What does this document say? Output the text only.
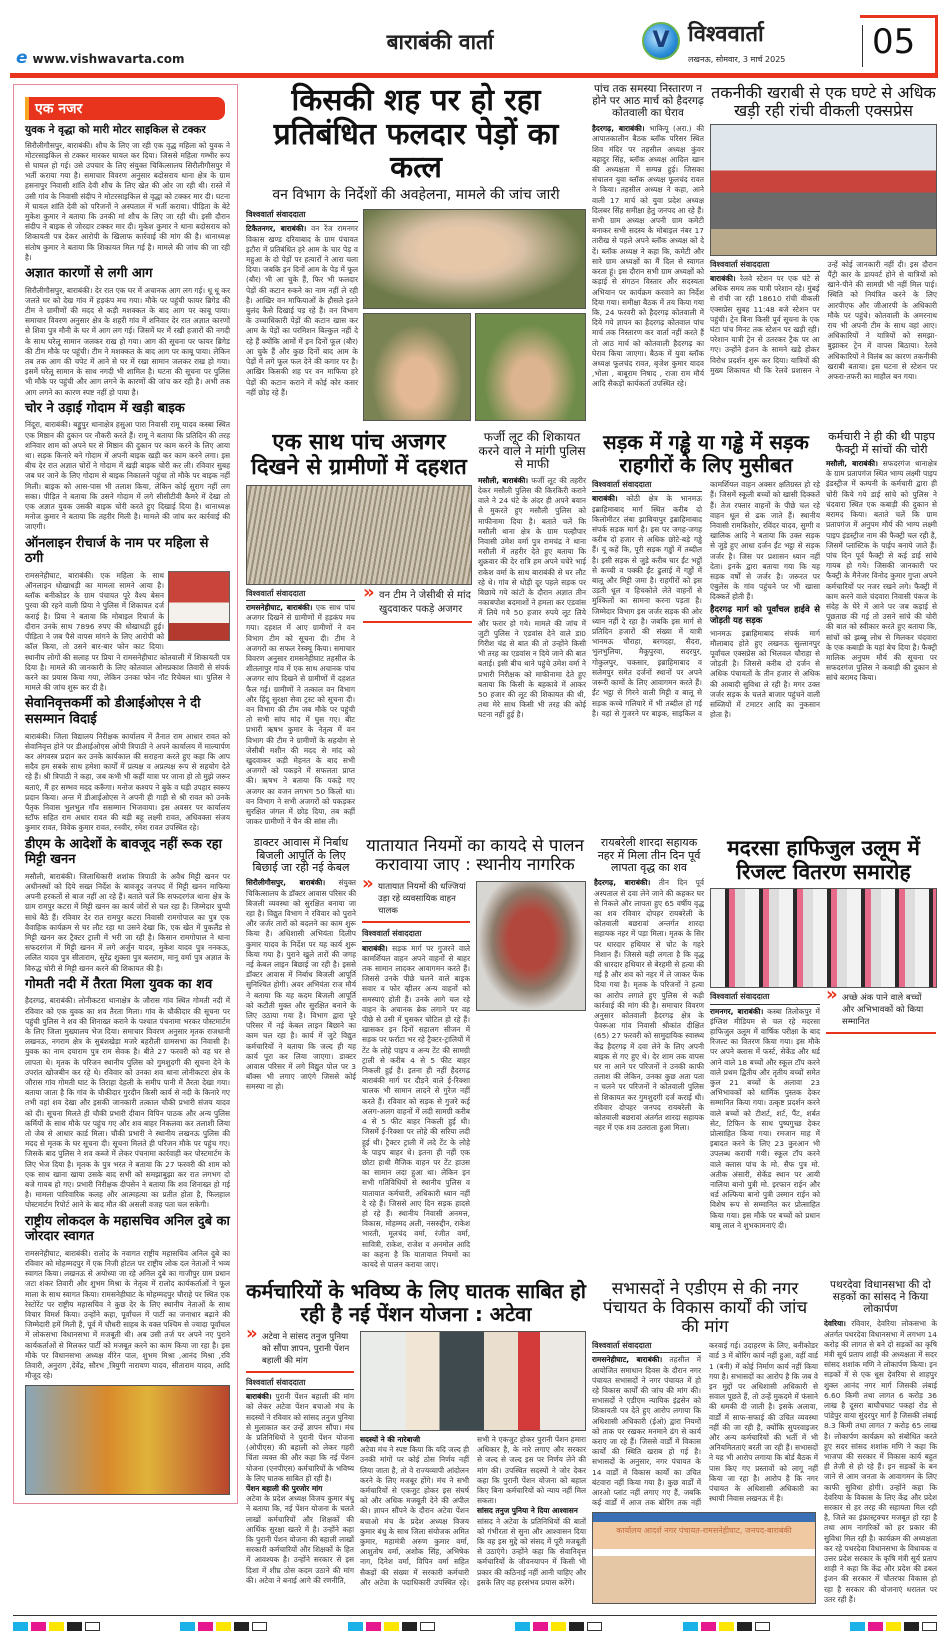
e www.vishwavarta.com
बाराबंकी वार्ता	V विश्ववार्ता
लखनऊ, सोमवार, 3 मार्च 2025	05
एक नजर
युवक ने वृद्धा को मारी मोटर साइकिल से टक्कर
सिरौलीगौसपुर, बाराबंकी। शौच के लिए जा रही एक वृद्ध महिला को युवक ने मोटरसाइकिल से टक्कर मारकर घायल कर दिया। जिससे महिला गम्भीर रूप से घायल हो गई। उसे उपचार के लिए संयुक्त चिकित्सालय सिरौलीगौसपुर में भर्ती कराया गया है। समाचार विवरण अनुसार बदोसराय थाना क्षेत्र के ग्राम हसनापुर निवासी शांति देवी शौच के लिए खेत की ओर जा रही थी। रास्ते में उसी गांव के निवासी संदीप ने मोटरसाइकिल से वृद्धा को टक्कर मार दी। घटना में घायल शांति देवी को परिजनों ने अस्पताल में भर्ती कराया। पीड़िता के बेटे मुकेश कुमार ने बताया कि उनकी मां शौच के लिए जा रही थी। इसी दौरान संदीप ने बाइक से जोरदार टक्कर मार दी। मुकेश कुमार ने थाना बदोसराय को शिकायती पत्र देकर आरोपी के खिलाफ कार्रवाई की मांग की है। थानाध्यक्ष संतोष कुमार ने बताया कि शिकायत मिल गई है। मामले की जांच की जा रही है।
अज्ञात कारणों से लगी आग
सिरौलीगौसपुर, बाराबंकी। देर रात एक घर में अचानक आग लग गई। धू धू कर जलते घर को देख गांव में हड़कंप मच गया। मौके पर पहुंची फायर ब्रिगेड की टीम ने ग्रामीणों की मदद से कड़ी मशक्कत के बाद आग पर काबू पाया। समाचार विवरण अनुसार क्षेत्र के शहरी गांव में शनिवार देर रात अज्ञात कारणों से शिवा पुत्र मौनी के घर में आग लग गई। जिसमें घर में रखी हजारों की नगदी के साथ घरेलू सामान जलकर राख हो गया। आग की सूचना पर फायर ब्रिगेड की टीम मौके पर पहुंची। टीम ने मशक्कत के बाद आग पर काबू पाया। लेकिन तब तक आग की चपेट में आने से घर में रखा सामान जलकर राख हो गया। इसमें घरेलू सामान के साथ नगदी भी शामिल है। घटना की सूचना पर पुलिस भी मौके पर पहुंची और आग लगने के कारणों की जांच कर रही है। अभी तक आग लगने का कारण स्पष्ट नहीं हो पाया है।
चोर ने उड़ाई गोदाम में खड़ी बाइक
निंदूरा, बाराबंकी। बड्डूपुर थानाक्षेत्र हसुआ पारा निवासी रामू यादव कस्बा स्थित एक मिष्ठान की दुकान पर नौकरी करते हैं। रामू ने बताया कि प्रतिदिन की तरह शनिवार शाम को अपने घर से मिष्ठान की दुकान पर काम करने के लिए आया था। सड़क किनारे बने गोदाम में अपनी बाइक खड़ी कर काम करने लगा। इस बीच देर रात अज्ञात चोरों ने गोदाम में खड़ी बाइक चोरी कर ली। रविवार सुबह जब घर जाने के लिए गोदाम से बाइक निकालने पहुंचा तो मौके पर बाइक नहीं मिली। बाइक को आस-पास भी तलाश किया, लेकिन कोई सुराग नहीं लग सका। पीड़ित ने बताया कि उसने गोदाम में लगे सीसीटीवी कैमरे में देखा तो एक अज्ञात युवक उसकी बाइक चोरी करते हुए दिखाई दिया है। थानाध्यक्ष मनोज कुमार ने बताया कि तहरीर मिली है। मामले की जांच कर कार्रवाई की जाएगी।
ऑनलाइन रीचार्ज के नाम पर महिला से ठगी
रामसनेहीघाट, बाराबंकी। एक महिला के साथ ऑनलाइन धोखाधड़ी का मामला सामने आया है। ब्लॉक बनीकोडर के ग्राम पंचायत पूरे वैश्य बेसन पुरवा की रहने वाली प्रिया ने पुलिस में शिकायत दर्ज कराई है। प्रिया ने बताया कि मोबाइल रिचार्ज के दौरान उनके साथ 7896 रुपए की धोखाधड़ी हुई। पीड़िता ने जब पैसे वापस मांगने के लिए आरोपी को कॉल किया, तो उसने बार-बार फोन काट दिया। स्थानीय लोगों की सलाह पर प्रिया ने रामसनेहीघाट कोतवाली में शिकायती पत्र दिया है। मामले की जानकारी के लिए कोतवाल ओमप्रकाश तिवारी से संपर्क करने का प्रयास किया गया, लेकिन उनका फोन नॉट रिचेबल था। पुलिस ने मामले की जांच शुरू कर दी है।
सेवानिवृत्तकर्मी को डीआईओएस ने दी ससम्मान विदाई
बाराबंकी। जिला विद्यालय निरीक्षक कार्यालय में तैनात राम आधार रावत को सेवानिवृत्त होने पर डीआईओएस ओपी त्रिपाठी ने अपने कार्यालय में माल्यार्पण कर अंगवस्त्र प्रदान कर उनके कार्यकाल की सराहना करते हुए कहा कि आप सदैव हम सबके साथ हमेशा कार्यों में प्रत्यक्ष व अप्रत्यक्ष रूप से सहयोग देते रहे हैं। श्री त्रिपाठी ने कहा, जब कभी भी कहीं यात्रा पर जाना हो तो मुझे जरूर बताएं, मैं हर सम्भव मदद करूँगा। मनोज कश्यप ने बुके व घड़ी उपहार स्वरूप प्रदान किया। अन्त में डीआईओएस ने अपनी ही गाड़ी से श्री रावत को उनके पैतृक निवास भुलभुल गाँव ससम्मान भिजवाया। इस अवसर पर कार्यालय स्टॉफ सहित राम अधार रावत की बड़ी बहू लक्ष्मी रावत, अधिवक्ता संजय कुमार रावत, विवेक कुमार रावत, रनवीर, रमेश रावत उपस्थित रहे।
डीएम के आदेशों के बावजूद नहीं रूक रहा मिट्टी खनन
मसौली, बाराबंकी। जिलाधिकारी शशांक त्रिपाठी के अवैध मिट्टी खनन पर अधीनस्थों को दिये सख्त निर्देश के बावजूद जनपद में मिट्टी खनन माफिया अपनी हरकतों से बाज नहीं आ रहे हैं। बताते चलें कि सफदरगंज थाना क्षेत्र के ग्राम रामपुर कटरा में मिट्टी खनन का कार्य जोरों से चल रहा है। जिम्मेदार चुप्पी साधे बैठे हैं। रविवार देर रात रामपुर कटरा निवासी रामगोपाल का पुत्र एक वैवाहिक कार्यक्रम से घर लौट रहा था उसने देखा कि, एक खेत में पुकलैंड से मिट्टी खनन कर ट्रैक्टर ट्राली में भरी जा रही है। किसान रामगोपाल ने थाना सफदरगंज में मिट्टी खनन में लगे अर्जुन यादव, मुकेश यादव पुत्र ननकऊ, ललित यादव पुत्र सीताराम, सुरेंद्र शुक्ला पुत्र बलराम, मानू वर्मा पुत्र अज्ञात के विरुद्ध चोरी से मिट्टी खनन करने की शिकायत की है।
गोमती नदी में तैरता मिला युवक का शव
हैदरगढ़, बाराबंकी। लोनीकटरा थानाक्षेत्र के जौरास गांव स्थित गोमती नदी में रविवार को एक युवक का शव तैरता मिला। गांव के चौकीदार की सूचना पर पहुंची पुलिस ने शव की शिनाख्त कराने के पश्चात पंचनामा भरकर पोस्टमार्टम के लिए जिला मुख्यालय भेज दिया। समाचार विवरण अनुसार मृतक राजधानी लखनऊ, नगराम क्षेत्र के सुबंशखेड़ा मजरे बहरौली ग्रामसभा का निवासी है। युवक का नाम दयाराम पुत्र राम सेवक है। बीते 27 फरवरी को वह घर से लापता थे। मृतक के परिजन स्थानीय पुलिस को गुमशुदगी की सूचना देने के उपरांत खोजबीन कर रहे थे। रविवार को उनका शव थाना लोनीकटरा क्षेत्र के जौरास गांव गोमती घाट के तिराहा देहली के समीप पानी में तैरता देखा गया। बताया जाता है कि गांव के चौकीदार गुरदीन किसी कार्य से नदी के किनारे गए तभी वहां शव देखा और इसकी जानकारी तत्काल चौकी प्रभारी संजय यादव को दी। सूचना मिलते ही चौकी प्रभारी दीवान विपिन पाठक और अन्य पुलिस कर्मियों के साथ मौके पर पहुंच गए और शव बाहर निकलवा कर तलाशी लिया तो जेब से आधार कार्ड मिला। चौकी प्रभारी ने स्थानीय लखनऊ पुलिस की मदद से मृतक के घर सूचना दी। सूचना मिलते ही परिजन मौके पर पहुंच गए। जिसके बाद पुलिस ने शव कब्जे में लेकर पंचनामा कार्रवाही कर पोस्टमार्टम के लिए भेज दिया है। मृतक के पुत्र भरत ने बताया कि 27 फरवरी की शाम को एक साथ खाना खाया उसके बाद सभी को समझाबुझा कर रात लगभग दो बजे गायब हो गए। प्रभारी निरीक्षक दीपसेन ने बताया कि शव शिनाख्त हो गई है। मामला पारिवारिक कलह और आत्महत्या का प्रतीत होता है, फिलहाल पोस्टमार्टम रिपोर्ट आने के बाद मौत की असली वजह पता चल सकेगी।
राष्ट्रीय लोकदल के महासचिव अनिल दुबे का जोरदार स्वागत
रामसनेहीघाट, बाराबंकी। रालोद के नवागत राष्ट्रीय महासचिव अनिल दुबे का रविवार को मोहम्मदपुर में एक निजी होटल पर राष्ट्रीय लोक दल नेताओं ने भव्य स्वागत किया। लखनऊ से अयोध्या जा रहे अनिल दुबे का गाजीपुर ग्राम प्रधान जटा शंकर तिवारी और शुभम मिश्रा के नेतृत्व में रालोद कार्यकर्ताओं ने फूल माला के साथ स्वागत किया। रामसनेहीघाट के मोहम्मदपुर चौराहे पर स्थित एक रेस्टोरेंट पर राष्ट्रीय महासचिव ने कुछ देर के लिए स्थानीय नेताओं के साथ विचार विमर्श किया। उन्होंने कहा, पूर्वांचल में पार्टी का जनाधार बढ़ाने की जिम्मेदारी हमें मिली है, पूर्व में चौधरी साहब के वक्त पश्चिम से ज्यादा पूर्वांचल में लोकसभा विधानसभा में मजबूती थी। अब उसी तर्ज पर अपने नए पुराने कार्यकर्ताओं से मिलकर पार्टी को मजबूत करने का काम किया जा रहा है। इस मौके पर विधानसभा अध्यक्ष वीरेन पाल, शुभम मिश्रा ,आनंद मिश्रा ,रवि तिवारी, अनुराग ,देवेंद्र, सौरभ ,त्रियुगी नारायण यादव, सीताराम यादव, आदि मौजूद रहे।
किसकी शह पर हो रहा
प्रतिबंधित फलदार पेड़ों का कत्ल
वन विभाग के निर्देशों की अवहेलना, मामले की जांच जारी
विश्ववार्ता संवाददाता
टिकैतनगर, बाराबंकी। वन रेंज रामनगर विकास खण्ड दरियाबाद के ग्राम पंचायत इटौरा में प्रतिबंधित हरे आम के चार पेड़ व महुआ के दो पेड़ों पर हत्यारों ने आरा चला दिया। जबकि इन दिनों आम के पेड़ में फूल (बौर) भी आ चुके हैं, फिर भी फलदार पेड़ों की कटान रुकने का नाम नहीं ले रही है। आखिर वन माफियाओं के हौसले इतने बुलंद कैसे दिखाई पड़ रहे हैं। वन विभाग के उच्चाधिकारी पेड़ों की कटान खास कर आम के पेड़ों का परमिशन बिल्कुल नहीं दे रहे हैं क्योंकि आमों में इन दिनों फूल (बौर) आ चुके हैं और कुछ दिनों बाद आम के पेड़ों में लगे फूल फल देने की कगार पर है। आखिर किसकी शह पर वन माफिया हरे पेड़ों की कटान कराने में कोई कोर कसर नहीं छोड़ रहे हैं।
पांच तक समस्या निस्तारण न होने पर आठ मार्च को हैदरगढ़ कोतवाली का घेराव
हैदरगढ़, बाराबंकी। भाकियू (अरा.) की आपातकालीन बैठक ब्लॉक परिसर स्थित शिव मंदिर पर तहसील अध्यक्ष कुंवर बहादुर सिंह, ब्लॉक अध्यक्ष आदिल खान की अध्यक्षता में सम्पन्न हुई। जिसका संचालन युवा ब्लॉक अध्यक्ष फूलचंद रावत ने किया। तहसील अध्यक्ष ने कहा, आने वाली 17 मार्च को युवा प्रदेश अध्यक्ष दिलबर सिंह समीक्षा हेतु जनपद आ रहे हैं। सभी ग्राम अध्यक्ष अपनी ग्राम कमेटी बनाकर सभी सदस्य के मोबाइल नंबर 17 तारीख से पहले अपने ब्लॉक अध्यक्ष को दे दें। ब्लॉक अध्यक्ष ने कहा कि, कमेटी और सारे ग्राम अध्यक्षों का मैं दिल से स्वागत करता हूं। इस दौरान सभी ग्राम अध्यक्षों को कड़ाई से संगठन विस्तार और सदस्यता अभियान पर कार्यक्रम करवाने का निर्देश दिया गया। समीक्षा बैठक में तय किया गया कि, 24 फरवरी को हैदरगढ़ कोतवाली में दिये गये ज्ञापन का हैदरगढ़ कोतवाल पांच मार्च तक निस्तारण कर वार्ता नहीं करते हैं तो आठ मार्च को कोतवाली हैदरगढ़ का घेराव किया जाएगा। बैठक में युवा ब्लॉक अध्यक्ष फूलचंद रावत, बृजेश कुमार यादव ,भोला , बाबूराम निषाद , राजा राम मौर्य आदि सैकड़ों कार्यकर्ता उपस्थित रहे।
तकनीकी खराबी से एक घण्टे से अधिक खड़ी रही रांची वीकली एक्सप्रेस
विश्ववार्ता संवाददाता
बाराबंकी। रेलवे स्टेशन पर एक घंटे से अधिक समय तक यात्री परेशान रहे। मुंबई से रांची जा रही 18610 रांची वीकली एक्सप्रेस सुबह 11:48 बजे स्टेशन पर पहुंची। ट्रेन बिना किसी पूर्व सूचना के एक घंटा पांच मिनट तक स्टेशन पर खड़ी रही। परेशान यात्री ट्रेन से उतरकर ट्रैक पर आ गए। उन्होंने इंजन के सामने खड़े होकर विरोध प्रदर्शन शुरू कर दिया। यात्रियों की मुख्य शिकायत थी कि रेलवे प्रशासन ने उन्हें कोई जानकारी नहीं दी। इस दौरान पैंट्री कार के डायवर्ट होने से यात्रियों को खाने-पीने की सामग्री भी नहीं मिल पाई। स्थिति को नियंत्रित करने के लिए आरपीएफ और जीआरपी के अधिकारी मौके पर पहुंचे। कोतवाली के अमरनाथ राय भी अपनी टीम के साथ वहां आए। अधिकारियों ने यात्रियों को समझा-बुझाकर ट्रेन में वापस बिठाया। रेलवे अधिकारियों ने विलंब का कारण तकनीकी खराबी बताया। इस घटना से स्टेशन पर अफरा-तफरी का माहौल बन गया।
एक साथ पांच अजगर दिखने से ग्रामीणों में दहशत
विश्ववार्ता संवाददाता
रामसनेहीघाट, बाराबंकी। एक साथ पांच अजगर दिखने से ग्रामीणों में हड़कंप मच गया। दहशत में आए ग्रामीणों ने वन विभाग टीम को सूचना दी। टीम ने अजगरों का सफल रेस्क्यू किया। समाचार विवरण अनुसार रामसनेहीघाट तहसील के शीतलापुर गांव में एक साथ अचानक पांच अजगर सांप दिखने से ग्रामीणों में दहशत फैल गई। ग्रामीणों ने तत्काल वन विभाग और हिंदू सुरक्षा सेवा ट्रस्ट को सूचना दी। वन विभाग की टीम जब मौके पर पहुंची तो सभी सांप मांद में घुस गए। बीट प्रभारी ऋषभ कुमार के नेतृत्व में वन विभाग की टीम ने ग्रामीणों के सहयोग से जेसीबी मशीन की मदद से मांद को खुदवाकर कड़ी मेहनत के बाद सभी अजगरों को पकड़ने में सफलता प्राप्त की। ऋषभ ने बताया कि पकड़े गए अजगर का वजन लगभग 50 किलो था। वन विभाग ने सभी अजगरों को पकड़कर सुरक्षित जंगल में छोड़ दिया, तब कहीं जाकर ग्रामीणों ने चैन की सांस ली।
» वन टीम ने जेसीबी से मांद खुदवाकर पकड़े अजगर
फर्जी लूट की शिकायत करने वाले ने मांगी पुलिस से माफी
मसौली, बाराबंकी। फर्जी लूट की तहरीर देकर मसौली पुलिस की किरकिरी कराने वाले ने 24 घंटे के अंदर ही अपने बयान से मुकरते हुए मसौली पुलिस को माफीनामा दिया है। बताते चलें कि मसौली थाना क्षेत्र के ग्राम पल्हौपार निवासी उमेश वर्मा पुत्र रामचंद्र ने थाना मसौली में तहरीर देते हुए बताया कि शुक्रवार की देर रात्रि हम अपने चचेरे भाई राकेश वर्मा के साथ बाराबंकी से घर लौट रहे थे। गांव से थोड़ी दूर पहले सड़क पर बिछाये गये कांटों के दौरान अज्ञात तीन नकाबपोश बदमाशों ने हमला कर एडवांस में लिये गये 50 हजार रुपये लूट लिये और फरार हो गये। मामले की जांच में जुटी पुलिस ने एडवांस देने वाले डा0 गिरीश चंद्र से बात की तो उन्होंने किसी भी तरह का एडवांस न दिये जाने की बात बताई। इसी बीच थाने पहुंचे उमेश वर्मा ने प्रभारी निरीक्षक को माफीनामा देते हुए बताया कि किसी के बहकावे में आकर 50 हजार की लूट की शिकायत की थी, तथा मेरे साथ किसी भी तरह की कोई घटना नहीं हुई है।
सड़क में गड्ढे या गड्ढे में सड़क राहगीरों के लिए मुसीबत
विश्ववार्ता संवाददाता
बाराबंकी। कोठी क्षेत्र के भानमऊ इब्राहिमाबाद मार्ग स्थित करीब दो किलोमीटर लंबा झाबियापुर इब्राहिमाबाद संपर्क सड़क मार्ग है। इस पर जगह-जगह करीब दो हजार से अधिक छोटे-बड़े गड्ढे हैं। यूं कहें कि, पूरी सड़क गड्ढों में तब्दील है। इसी सड़क से जुड़े करीब चार ईंट भट्ठों से कच्ची व पक्की ईंट ढुलाई में गड्ढों में बालू और मिट्टी जमा है। राहगीरों को इस उड़ती धूल व हिचकोले लेते वाहनों से मुश्किलों का सामना करना पड़ता है। जिम्मेदार विभाग इस जर्जर सड़क की ओर ध्यान नहीं दे रहा है। जबकि इस मार्ग से प्रतिदिन हजारों की संख्या में यात्री भानमऊ चौराहा, बरगदहा, सैदरा, भुलभुलिया, मैकूपुरवा, सदरपुर, गोकुलपुर, चकसार, इब्राहिमाबाद व सलेमपुर समेत दर्जनों स्थानों पर अपने जरूरी कामों के लिए आवागमन करते हैं। ईंट भट्ठा से गिरने वाली मिट्टी व बालू से सड़क कच्चे गलियारे में भी तब्दील हो गई है। यहां से गुजरने पर बाइक, साइकिल व कामर्शियल वाहन अक्सर क्षतिग्रस्त हो रहे हैं। जिसमें स्कूली बच्चों को खासी दिक्कतें हैं। तेज रफ्तार वाहनों के पीछे चल रहे वाहन धूल से ढक जाते हैं। स्थानीय निवासी रामकिशोर, रविंदर यादव, सुग्गी व खालिक आदि ने बताया कि उक्त सड़क से जुड़े हुए आधा दर्जन ईंट भट्ठा से सड़क जर्जर है। जिस पर प्रशासन ध्यान नहीं देता। इनके द्वारा बताया गया कि यह सड़क वर्षों से जर्जर है। जरूरत पर एंबुलेंस के गांव पहुंचने पर भी खासा दिक्कतें होती हैं।
हैदरगढ़ मार्ग को पूर्वांचल हाईवे से जोड़ती यह सड़क
भानमऊ इब्राहिमाबाद संपर्क मार्ग मौलाबाद होते हुए लखनऊ सुल्तानपुर पूर्वांचल एक्सप्रेस को भिलवल चौराहा से जोड़ती है। जिससे करीब दो दर्जन से अधिक पंचायतों के तीन हजार से अधिक की आबादी सुविधा ले रही है। मगर उक्त जर्जर सड़क के चलते बाजार पहुंचने वाली सब्जियों में टमाटर आदि का नुकसान होता है।
कर्मचारी ने ही की थी पाइप फैक्ट्री में सांचों की चोरी
मसौली, बाराबंकी। सफदरगंज थानाक्षेत्र के ग्राम प्रतापगंज स्थित भाग्य लक्ष्मी पाइप इंडस्ट्रीज में कम्पनी के कर्मचारी द्वारा ही चोरी किये गये डाई सांचे को पुलिस ने चंदवारा स्थित एक कबाड़ी की दुकान से बरामद किया। बताते चलें कि ग्राम प्रतापगंज में अनुपम मौर्य की भाग्य लक्ष्मी पाइप इंडस्ट्रीज नाम की फैक्ट्री चल रही है, जिसमें प्लास्टिक के पाईप बनाये जाते हैं। पांच दिन पूर्व फैक्ट्री से कई डाई सांचे गायब हो गये। जिसकी जानकारी पर फैक्ट्री के मैनेजर विनोद कुमार गुप्ता अपने कर्मचारियों पर नजर रखने लगे। फैक्ट्री में काम करने वाले चंदवारा निवासी पंकज के संदेह के घेरे में आने पर जब कड़ाई से पूछताछ की गई तो उसने सांचे की चोरी की बात को स्वीकार करते हुए बताया कि, सांचों को झब्बू लोध से मिलकर चंदवारा के एक कबाड़ी के यहां बेच दिया है। फैक्ट्री मालिक अनुपम मौर्य की सूचना पर सफदरगंज पुलिस ने कबाड़ी की दुकान से सांचे बरामद किया।
डाक्टर आवास में निर्बाध बिजली आपूर्ति के लिए बिछाई जा रही नई केबल
सिरौलीगौसपुर, बाराबंकी। संयुक्त चिकित्सालय के डॉक्टर आवास परिसर की बिजली व्यवस्था को सुरक्षित बनाया जा रहा है। विद्युत विभाग ने रविवार को पुराने और जर्जर तारों को बदलने का काम शुरू किया है। अधिशासी अभियंता दिलीप कुमार यादव के निर्देश पर यह कार्य शुरू किया गया है। पुराने खुले तारों की जगह नई केबल लाइन बिछाई जा रही है। इससे डॉक्टर आवास में निर्बाध बिजली आपूर्ति सुनिश्चित होगी। अवर अभियंता राज मौर्य ने बताया कि यह कदम बिजली आपूर्ति को कटौती मुक्त और सुरक्षित बनाने के लिए उठाया गया है। विभाग द्वारा पूरे परिसर में नई केबल लाइन बिछाने का काम चल रहा है। कार्य में जुटे विद्युत कर्मचारियों ने बताया कि जल्द ही यह कार्य पूरा कर लिया जाएगा। डाक्टर आवास परिसर में लगे विद्युत पोल पर 3 बॉक्स भी लगाए जाएंगे जिससे कोई समस्या ना हो।
यातायात नियमों का कायदे से पालन करावाया जाए : स्थानीय नागरिक
» यातायात नियमों की धज्जियां उड़ा रहे व्यवसायिक वाहन चालक
विश्ववार्ता संवाददाता
बाराबंकी। सड़क मार्ग पर गुजरने वाले कामर्शियल वाहन अपने वाहनों से बाहर तक सामान लादकर आवागमन करते हैं। जिससे उनके पीछे चलने वाले बाइक सवार व फोर व्हीलर अन्य वाहनों को समस्याएं होती हैं। उनके आगे चल रहे वाहन के अचानक ब्रेक लगाने पर वह पीछे से उसी में घुसकर चोटिल हो रहे हैं। खासकर इन दिनों सहालग सीजन में सड़क पर फर्राटा भर रहे ट्रैक्टर-ट्रालियों में टेंट के लोहे पाइप व अन्य टेंट की सामग्री ट्राली से करीब 4 से 5 फीट बाहर निकली हुई है। इतना ही नहीं हैदरगढ़ बाराबंकी मार्ग पर दौड़ने वाले ई-रिक्शा चालक भी सामान लादने से गुरेज नहीं करते हैं। रविवार को सड़क से गुजरे कई अलग-अलग वाहनों में लदी सामग्री करीब 4 से 5 फीट बाहर निकली हुई थी। जिसमें ई-रिक्शा पर लोहे की सरिया लदी हुई थी। ट्रैक्टर ट्राली में लदे टेंट के लोहे के पाइप बाहर थे। इतना ही नहीं एक छोटा हाथी मैजिक वाहन पर टेंट हाउस का सामान लदा हुआ था। लेकिन इन सभी गतिविधियों से स्थानीय पुलिस व यातायात कर्मचारी, अधिकारी ध्यान नहीं दे रहे हैं। जिससे आए दिन सड़क हादसे हो रहे हैं। स्थानीय निवासी अनमत्त, विकास, मोहम्मद अली, नसरुद्दीन, राकेश भारती, मूलचंद वर्मा, रंजीत वर्मा, सावित्री, राकेश, राजेश व अनमोल आदि का कहना है कि यातायात नियमों का कायदे से पालन कराया जाए।
रायबरेली शारदा सहायक नहर में मिला तीन दिन पूर्व लापता वृद्ध का शव
हैदरगढ़, बाराबंकी। तीन दिन पूर्व अस्पताल से दवा लेने जाने की कहकर घर से निकले और लापता हुए 65 वर्षीय वृद्ध का शव रविवार दोपहर रायबरेली के कोतवाली बछरावां अन्तर्गत शारदा सहायक नहर में पड़ा मिला। मृतक के सिर पर धारदार हथियार से चोट के गहरे निशान हैं। जिससे यही लगता है कि वृद्ध की धारदार हथियार से बेरहमी से हत्या की गई है और शव को नहर में ले जाकर फेंक दिया गया है। मृतक के परिजनों ने हत्या का आरोप लगाते हुए पुलिस से कड़ी कार्रवाई की मांग की है। समाचार विवरण अनुसार कोतवाली हैदरगढ़ क्षेत्र के पेवरूआ गांव निवासी श्रीकांत दीक्षित (65) 27 फरवरी को सामुदायिक स्वास्थ्य केंद्र हैदरगढ़ में दवा लेने के लिए अपनी बाइक से गए हुए थे। देर शाम तक वापस घर ना आने पर परिजनों ने उनकी काफी तलाश की लेकिन, उनका कुछ अता पता न चलने पर परिजनों ने कोतवाली पुलिस से शिकायत कर गुमशुदगी दर्ज कराई थी। रविवार दोपहर जनपद रायबरेली के कोतवाली बछरावां अंतर्गत शारदा सहायक नहर में एक शव उतराता हुआ मिला।
मदरसा हाफिजुल उलूम में रिजल्ट वितरण समारोह
विश्ववार्ता संवाददाता
रामनगर, बाराबंकी। कस्बा तिलोकपुर में इंग्लिश मीडियम से चल रहे मदरसा हाफिजुल उलूम में वार्षिक परीक्षा के बाद रिजल्ट का वितरण किया गया। इस मौके पर अपने क्लास में फर्स्ट, सेकेंड और थर्ड आने वाले 18 बच्चों और स्कूल टॉप करने वाले प्रथम द्वितीय और तृतीय बच्चों समेत कुल 21 बच्चों के अलावा 23 अभिभावकों को धार्मिक पुस्तक देकर सम्मानित किया गया। उत्कृष्ट प्रदर्शन करने वाले बच्चों को टीशर्ट, शर्ट, पैंट, शर्बत सेट, टिफिन के साथ पुष्पगुच्छ देकर प्रोत्साहित किया गया। रमजान माह में इबादत करने के लिए 23 कुरआन भी उपलब्ध करायी गयी। स्कूल टॉप करने वाले क्लास पांच के मो. सैफ पुत्र मो. अतीक अंसारी, सेकेंड स्थान पर आयी नालिया बानो पुत्री मो. इरफान राईन और थर्ड अल्फिया बानो पुत्री उस्मान राईन को विशेष रूप से सम्मानित कर प्रोत्साहित किया गया। इस मौके पर बच्चों को प्रधान बाबू लाल ने शुभकामनाएं दी।
» अच्छे अंक पाने वाले बच्चों और अभिभावकों को किया सम्मानित
कर्मचारियों के भविष्य के लिए घातक साबित हो रही है नई पेंशन योजना : अटेवा
» अटेवा ने सांसद तनुज पुनिया को सौंपा ज्ञापन, पुरानी पेंशन बहाली की मांग
विश्ववार्ता संवाददाता
बाराबंकी। पुरानी पेंशन बहाली की मांग को लेकर अटेवा पेंशन बचाओ मंच के सदस्यों ने रविवार को सांसद तनुज पुनिया से मुलाकात कर उन्हें ज्ञापन सौंपा। मंच के प्रतिनिधियों ने पुरानी पेंशन योजना (ओपीएस) की बहाली को लेकर गहरी चिंता व्यक्त की और कहा कि नई पेंशन योजना (एनपीएस) कर्मचारियों के भविष्य के लिए घातक साबित हो रही है।
पेंशन बहाली की पुरजोर मांग
अटेवा के प्रदेश अध्यक्ष विजय कुमार बंधु ने बताया कि, नई पेंशन योजना के चलते लाखों कर्मचारियों और शिक्षकों की आर्थिक सुरक्षा खतरे में है। उन्होंने कहा कि पुरानी पेंशन योजना की बहाली लाखों सरकारी कर्मचारियों और शिक्षकों के हित में आवश्यक है। उन्होंने सरकार से इस दिशा में शीघ्र ठोस कदम उठाने की मांग की। अटेवा ने बनाई आगे की रणनीति,
सदस्यों ने की नारेबाजी
अटेवा मंच ने स्पष्ट किया कि यदि जल्द ही उनकी मांगों पर कोई ठोस निर्णय नहीं लिया जाता है, तो वे राज्यव्यापी आंदोलन करने के लिए मजबूर होंगे। मंच ने सभी कर्मचारियों से एकजुट होकर इस संघर्ष को और अधिक मजबूती देने की अपील की। ज्ञापन सौंपने के दौरान अटेवा पेंशन बचाओ मंच के प्रदेश अध्यक्ष विजय कुमार बंधु के साथ जिला संयोजक अमित कुमार, महामंत्री अरुण कुमार वर्मा, आशुतोष वर्मा, अशोक सिंह, अभिषेक नाग, दिनेश वर्मा, विपिन वर्मा सहित सैकड़ों की संख्या में सरकारी कर्मचारी और अटेवा के पदाधिकारी उपस्थित रहे। सभी ने एकजुट होकर पुरानी पेंशन हमारा अधिकार है, के नारे लगाए और सरकार से जल्द से जल्द इस पर निर्णय लेने की मांग की। उपस्थित सदस्यों ने जोर देकर कहा कि पुरानी पेंशन योजना को बहाल किए बिना कर्मचारियों को न्याय नहीं मिल सकता।
सांसद तनुज पुनिया ने दिया आश्वासन
सांसद ने अटेवा के प्रतिनिधियों की बातों को गंभीरता से सुना और आश्वासन दिया कि वह इस मुद्दे को संसद में पूरी मजबूती से उठाएंगे। उन्होंने कहा कि सेवानिवृत्त कर्मचारियों के जीवनयापन में किसी भी प्रकार की कठिनाई नहीं आनी चाहिए और इसके लिए वह हरसंभव प्रयास करेंगे।
सभासदों ने एडीएम से की नगर पंचायत के विकास कार्यों की जांच की मांग
विश्ववार्ता संवाददाता
रामसनेहीघाट, बाराबंकी। तहसील में आयोजित समाधान दिवस के दौरान नगर पंचायत सभासदों ने नगर पंचायत में हो रहे विकास कार्यों की जांच की मांग की। सभासदों ने एडीएम न्यायिक इंद्रसेन को शिकायती पत्र देते हुए आरोप लगाया कि अधिशासी अधिकारी (ईओ) द्वारा नियमों को ताक पर रखकर मनमाने ढंग से कार्य कराए जा रहे हैं। जिससे वार्डों में विकास कार्यों की स्थिति खराब हो गई है। सभासदों के अनुसार, नगर पंचायत के 14 वार्डों में विकास कार्यों का उचित बंटवारा नहीं किया गया है। कुछ वार्डों में आरओ प्लांट नहीं लगाए गए हैं, जबकि कई वार्डों में आज तक बोरिंग तक नहीं करवाई गई। उदाहरण के लिए, बनीकोडर वार्ड 3 में बोरिंग कार्य नहीं हुआ, वहीं वार्ड 1 (बनी) में कोई निर्माण कार्य नहीं किया गया है। सभासदों का आरोप है कि जब वे इन मुद्दों पर अधिशासी अधिकारी से सवाल पूछते हैं, तो उन्हें मुकदमे में फंसाने की धमकी दी जाती है। इसके अलावा, वार्डों में साफ-सफाई की उचित व्यवस्था नहीं की जा रही है, क्योंकि सुपरवाइजर और अन्य कर्मचारियों की भर्ती में भी अनियमितताएं बरती जा रही हैं। सभासदों ने यह भी आरोप लगाया कि बोर्ड बैठक में पास किए गए प्रस्तावों को लागू नहीं किया जा रहा है। आरोप है कि नगर पंचायत के अधिशासी अधिकारी का स्थायी निवास लखनऊ में है।
कार्यालय आदर्श नगर पंचायत-रामसनेहीघाट, जनपद-बाराबंकी
पथरदेवा विधानसभा की दो सड़कों का सांसद ने किया लोकार्पण
देवरिया। रविवार, देवरिया लोकसभा के अंतर्गत पथरदेवा विधानसभा में लगभग 14 करोड़ की लागत से बने दो सड़कों का कृषि मंत्री सूर्य प्रताप शाही की अध्यक्षता में सदर सांसद शशांक मणि ने लोकार्पण किया। इन सड़कों में से एक धूस देवरिया से शाहपुर शुक्ल आनंद नगर मार्ग जिसकी लंबाई 6.60 किमी तथा लागत 6 करोड़ 36 लाख है दूसरा बाघौचघाट पकहां रोड से पांडेपुर वाया सुंदरपुर मार्ग है जिसकी लंबाई 8.3 किमी तथा लागत 7 करोड़ 65 लाख है। लोकार्पण कार्यक्रम को संबोधित करते हुए सदर सांसद शशांक मणि ने कहा कि भाजपा की सरकार में विकास कार्य बहुत ही तेजी से हो रहे हैं। इन सड़कों के बन जाने से आम जनता के आवागमन के लिए काफी सुविधा होगी। उन्होंने कहा कि देवरिया के विकास के लिए केंद्र और प्रदेश सरकार से हर तरह की सहायता मिल रही है, जिले का इंफ्रास्ट्रक्चर मजबूत हो रहा है तथा आम नागरिकों को हर प्रकार की सुविधा मिल रही है। कार्यक्रम की अध्यक्षता कर रहे पथरदेवा विधानसभा के विधायक व उत्तर प्रदेश सरकार के कृषि मंत्री सूर्य प्रताप शाही ने कहा कि केंद्र और प्रदेश की डबल इंजन की सरकार में चौतरफा विकास हो रहा है सरकार की योजनाएं धरातल पर उतर रही हैं।
